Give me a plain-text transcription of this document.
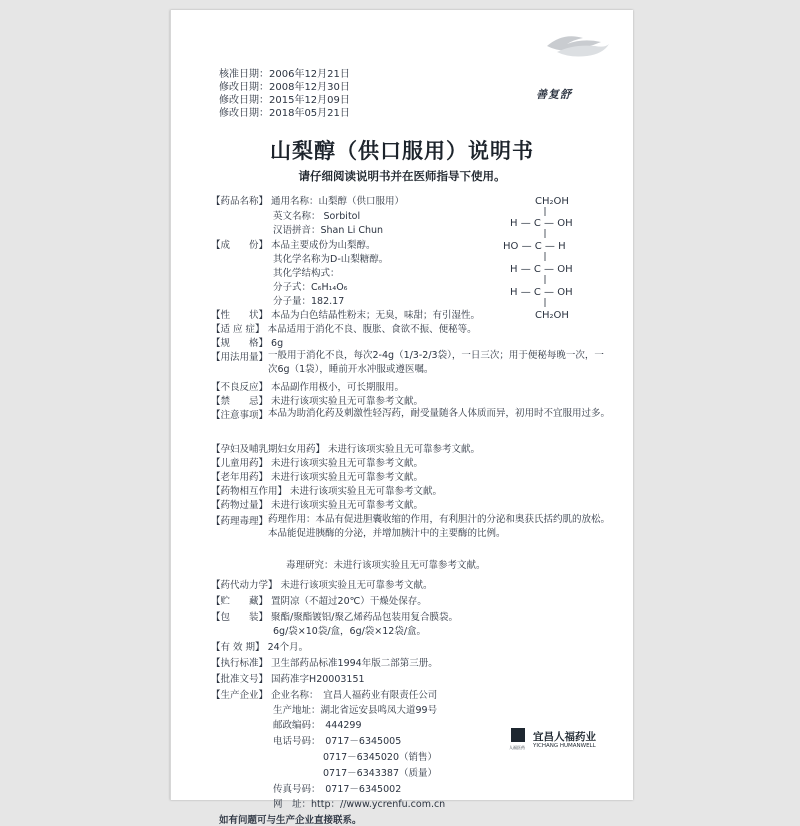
善复舒
核准日期：2006年12月21日
修改日期：2008年12月30日
修改日期：2015年12月09日
修改日期：2018年05月21日
山梨醇（供口服用）说明书
请仔细阅读说明书并在医师指导下使用。
【药品名称】 通用名称：山梨醇（供口服用）
英文名称： Sorbitol
汉语拼音：Shan Li Chun
【成　　份】 本品主要成份为山梨醇。
其化学名称为D-山梨糖醇。
其化学结构式：
分子式：C₆H₁₄O₆
分子量：182.17
【性　　状】 本品为白色结晶性粉末；无臭，味甜；有引湿性。
【适 应 症】 本品适用于消化不良、腹胀、食欲不振、便秘等。
【规　　格】 6g
【用法用量】 一般用于消化不良，每次2-4g（1/3-2/3袋），一日三次；用于便秘每晚一次，一次6g（1袋），睡前开水冲服或遵医嘱。
【不良反应】 本品副作用极小，可长期服用。
【禁　　忌】 未进行该项实验且无可靠参考文献。
【注意事项】 本品为助消化药及刺激性轻泻药，耐受量随各人体质而异，初用时不宜服用过多。
【孕妇及哺乳期妇女用药】 未进行该项实验且无可靠参考文献。
【儿童用药】 未进行该项实验且无可靠参考文献。
【老年用药】 未进行该项实验且无可靠参考文献。
【药物相互作用】 未进行该项实验且无可靠参考文献。
【药物过量】 未进行该项实验且无可靠参考文献。
【药理毒理】 药理作用：本品有促进胆囊收缩的作用，有利胆汁的分泌和奥获氏括约肌的放松。本品能促进胰酶的分泌，并增加胰汁中的主要酶的比例。
毒理研究：未进行该项实验且无可靠参考文献。
【药代动力学】 未进行该项实验且无可靠参考文献。
【贮　　藏】 置阴凉（不超过20℃）干燥处保存。
【包　　装】 聚酯/聚酯镀铝/聚乙烯药品包装用复合膜袋。
6g/袋×10袋/盒，6g/袋×12袋/盒。
【有 效 期】 24个月。
【执行标准】 卫生部药品标准1994年版二部第三册。
【批准文号】 国药准字H20003151
【生产企业】 企业名称：　宜昌人福药业有限责任公司
生产地址：湖北省远安县鸣凤大道99号
邮政编码：　444299
电话号码：　0717－6345005
0717－6345020（销售）
0717－6343387（质量）
传真号码：　0717－6345002
网　址：http：//www.ycrenfu.com.cn
如有问题可与生产企业直接联系。
CH₂OH
H — C — OH
HO — C — H
H — C — OH
H — C — OH
CH₂OH
宜昌人福药业
YICHANG HUMANWELL
人福医药
